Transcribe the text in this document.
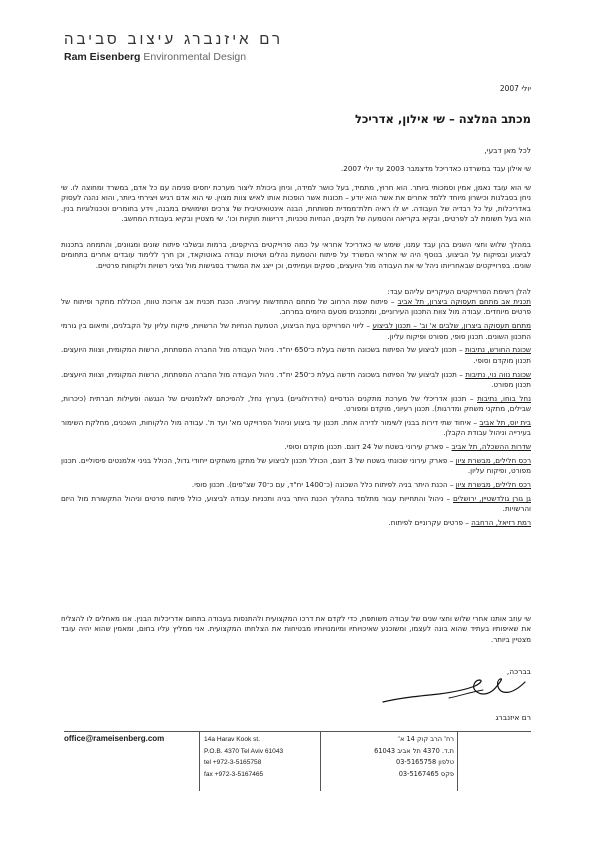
רם איזנברג עיצוב סביבה
Ram Eisenberg Environmental Design
יולי 2007
מכתב המלצה – שי אילון, אדריכל
לכל מאן דבעי,
שי אילון עבד במשרדנו כאדריכל מדצמבר 2003 עד יולי 2007.
שי הוא עובד נאמן, אמין וסמכותי ביותר. הוא חרוץ, מתמיד, בעל כושר למידה, וניחן ביכולת ליצור מערכת יחסים פנימה עם כל אדם, במשרד ומחוצה לו. שי ניחן בסבלנות וכישרון מיוחד ללמד אחרים את אשר הוא יודע – תכונות אשר הופכות אותו לאיש צוות מצוין. שי הוא אדם רגיש ויצירתי ביותר, והוא נהנה לעסוק באדריכלות, על כל רבדיה של העבודה. יש לו ראיה תלת־ממדית מפותחת, הבנה אינטואיטיבית של צרכים ושימושים במבנה, וידע בחומרים וטכנולוגיות בנין. הוא בעל תשומת לב לפרטים, ובקיא בקריאה והטמעה של תקנים, הנחיות טכניות, דרישות חוקיות וכו'. שי מצטיין ובקיא בעבודת המחשב.
במהלך שלוש וחצי השנים בהן עבד עמנו, שימש שי כאדריכל אחראי על כמה פרוייקטים בהיקפים, ברמות ובשלבי פיתוח שונים ומגוונים, והתמחה בתכנות לביצוע ובפיקוח על הביצוע. בנוסף היה שי אחראי המשרד על פיתוח והטמעת נהלים ושיטות עבודה באוטוקאד, וכן חרך ללימוד עובדים אחרים בתחומים שונים. בפרוייקטים שבאחריותו ניהל שי את העבודה מול היועצים, ספקים ועמיתים, וכן ייצג את המשרד בפגישות מול נציגי רשויות ולקוחות פרטיים.
להלן רשימת הפרוייקטים העיקריים עליהם עבד:
תכנית אב מתחם תעסוקה ביצרון, תל אביב – פיתוח שפת הרחוב של מתחם התחדשות עירונית. הכנת תכנית אב ארוכת טווח, הכוללת מחקר ופיתוח של פרטים מיוחדים. עבודה מול צוות התכנון העירוניים, ומתכננים מטעם היזמים במרחב.
מתחם תעסוקה ביצרון, שלבים א' וב' – תכנון לביצוע – ליווי הפרוייקט בעת הביצוע, הטמעת הנחיות של הרשויות, פיקוח עליון על הקבלנים, ותיאום בין גורמי התכנון השונים. תכנון סופי, מפורט ופיקוח עליון.
שכונת החורש, נתיבות – תכנון לביצוע של הפיתוח בשכונה חדשה בעלת כ־650 יח"ד. ניהול העבודה מול החברה המפתחת, הרשות המקומית, וצוות היועצים. תכנון מוקדם וסופי.
שכונת נווה נוי, נתיבות – תכנון לביצוע של הפיתוח בשכונה חדשה בעלת כ־250 יח"ד. ניהול העבודה מול החברה המפתחת, הרשות המקומית, וצוות היועצים. תכנון מפורט.
נחל בוחו, נתיבות – תכנון אדריכלי של מערכת מתקנים הנדסיים (הידרולוגיים) בערוץ נחל, להפיכתם לאלמנטים של הנגשה ופעילות חברתית (כיכרות, שבילים, מתקני משחק ומדרגות). תכנון רעיוני, מוקדם ומפורט.
בית יוס, תל אביב – איחוד שתי דירות בבנין לשימור לדירה אחת. תכנון עד ביצוע וניהול הפרוייקט מא' ועד ת'. עבודה מול הלקוחות, השכנים, מחלקת השימור בעירייה וניהול עבודת הקבלן.
שדרות ההשכלה, תל אביב – פארק עירוני בשטח של 24 דונם. תכנון מוקדם וסופי.
רכס חלילים, מבשרת ציון – פארק עירוני שכונתי בשטח של 3 דונם, הכולל תכנון לביצוע של מתקן משחקים ייחודי גדול, הכולל בניני אלמנטים פיסוליים. תכנון מפורט, ופיקוח עליון.
רכס חלילים, מבשרת ציון – הכנת היתר בניה לפיתוח כלל השכונה (כ־1400 יח"ד, עם כ־70 שצ"פים). תכנון סופי.
גן גורן גולדשטיין, ירושלים – ניהול והתחייות עבור מתלמד בתהליך הכנת היתר בניה ותכניות עבודה לביצוע, כולל פיתוח פרטים וניהול התקשורת מול היזם והרשויות.
רמת רזיאל, הרחבה – פרטים עקרוניים לפיתוח.
שי עוזב אותנו אחרי שלוש וחצי שנים של עבודה משותפת, כדי לקדם את דרכו המקצועית ולהתנסות בעבודה בתחום אדריכלות הבנין. אנו מאחלים לו להצליח את שאיפותיו בעתיד שהוא בונה לעצמו, ומשוכנע שאיכויותיו ומיומנויותיו מבטיחות את הצלחתו המקצועית. אני ממליץ עליו בחום, ומאמין שהוא יהיה עובד מצטיין ביותר.
בברכה,
רם איזנברג
office@rameisenberg.com	14a Harav Kook st.
P.O.B. 4370 Tel Aviv 61043
tel +972-3-5165758
fax +972-3-5167465
רח' הרב קוק 14 א'
ת.ד. 4370 תל אביב 61043
טלפון 03-5165758
פקס 03-5167465
